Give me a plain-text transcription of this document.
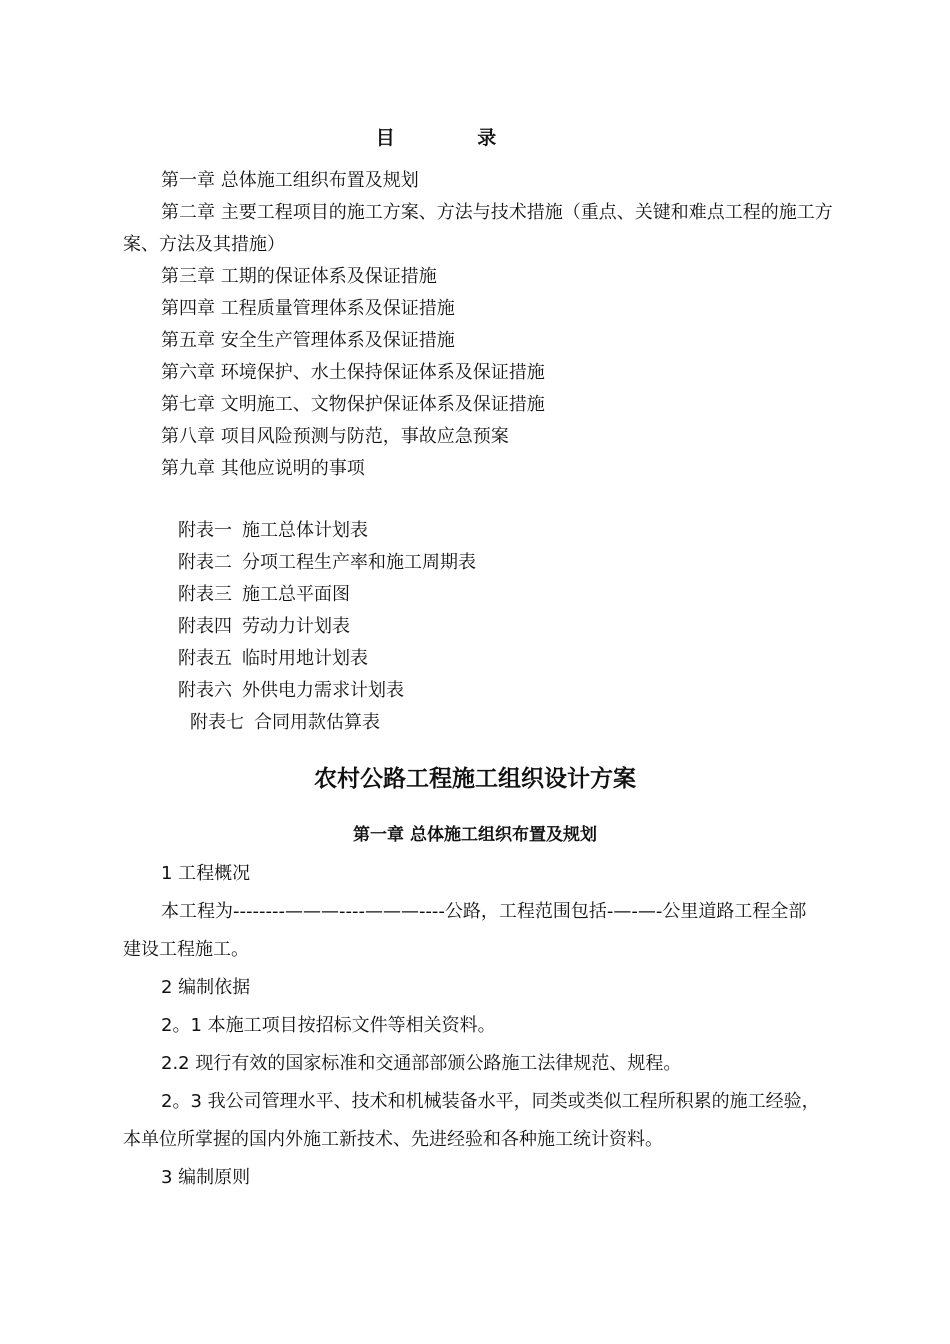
目 录
第一章 总体施工组织布置及规划
第二章 主要工程项目的施工方案、方法与技术措施（重点、关键和难点工程的施工方案、方法及其措施）
第三章 工期的保证体系及保证措施
第四章 工程质量管理体系及保证措施
第五章 安全生产管理体系及保证措施
第六章 环境保护、水土保持保证体系及保证措施
第七章 文明施工、文物保护保证体系及保证措施
第八章 项目风险预测与防范，事故应急预案
第九章 其他应说明的事项
附表一 施工总体计划表
附表二 分项工程生产率和施工周期表
附表三 施工总平面图
附表四 劳动力计划表
附表五 临时用地计划表
附表六 外供电力需求计划表
附表七 合同用款估算表
农村公路工程施工组织设计方案
第一章 总体施工组织布置及规划
1 工程概况
本工程为--------———----———----公路，工程范围包括-—-—-公里道路工程全部建设工程施工。
2 编制依据
2。1 本施工项目按招标文件等相关资料。
2.2 现行有效的国家标准和交通部部颁公路施工法律规范、规程。
2。3 我公司管理水平、技术和机械装备水平，同类或类似工程所积累的施工经验，本单位所掌握的国内外施工新技术、先进经验和各种施工统计资料。
3 编制原则
